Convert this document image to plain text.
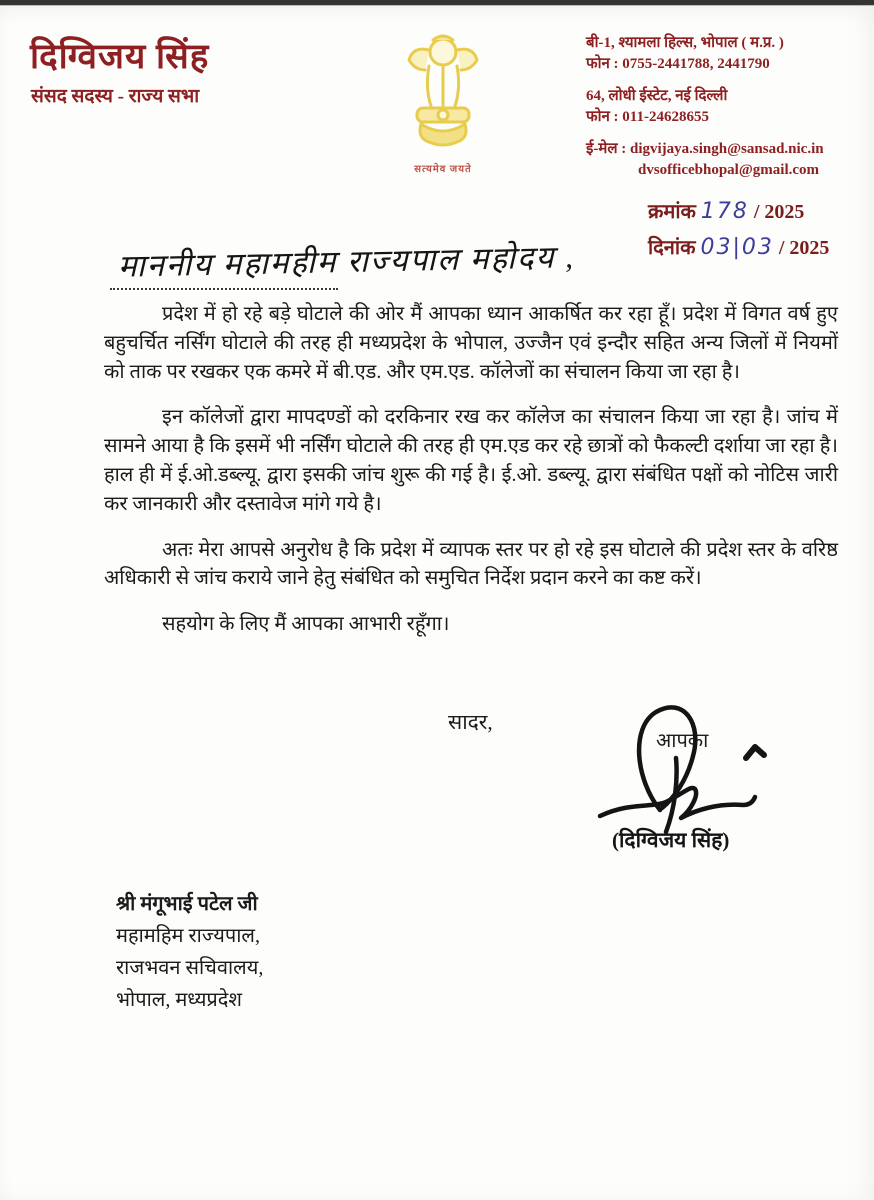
दिग्विजय सिंह
संसद सदस्य - राज्य सभा
सत्यमेव जयते
बी-1, श्यामला हिल्स, भोपाल ( म.प्र. )
फोन : 0755-2441788, 2441790
64, लोधी ईस्टेट, नई दिल्ली
फोन : 011-24628655
ई-मेल : digvijaya.singh@sansad.nic.in
dvsofficebhopal@gmail.com
क्रमांक 178 / 2025
दिनांक 03|03 / 2025
माननीय महामहीम राज्यपाल महोदय ,

प्रदेश में हो रहे बड़े घोटाले की ओर मैं आपका ध्यान आकर्षित कर रहा हूँ। प्रदेश में विगत वर्ष हुए बहुचर्चित नर्सिंग घोटाले की तरह ही मध्यप्रदेश के भोपाल, उज्जैन एवं इन्दौर सहित अन्य जिलों में नियमों को ताक पर रखकर एक कमरे में बी.एड. और एम.एड. कॉलेजों का संचालन किया जा रहा है।

इन कॉलेजों द्वारा मापदण्डों को दरकिनार रख कर कॉलेज का संचालन किया जा रहा है। जांच में सामने आया है कि इसमें भी नर्सिंग घोटाले की तरह ही एम.एड कर रहे छात्रों को फैकल्टी दर्शाया जा रहा है। हाल ही में ई.ओ.डब्ल्यू. द्वारा इसकी जांच शुरू की गई है। ई.ओ. डब्ल्यू. द्वारा संबंधित पक्षों को नोटिस जारी कर जानकारी और दस्तावेज मांगे गये है।

अतः मेरा आपसे अनुरोध है कि प्रदेश में व्यापक स्तर पर हो रहे इस घोटाले की प्रदेश स्तर के वरिष्ठ अधिकारी से जांच कराये जाने हेतु संबंधित को समुचित निर्देश प्रदान करने का कष्ट करें।

सहयोग के लिए मैं आपका आभारी रहूँगा।

सादर,
आपका
(दिग्विजय सिंह)
श्री मंगूभाई पटेल जी
महामहिम राज्यपाल,
राजभवन सचिवालय,
भोपाल, मध्यप्रदेश
